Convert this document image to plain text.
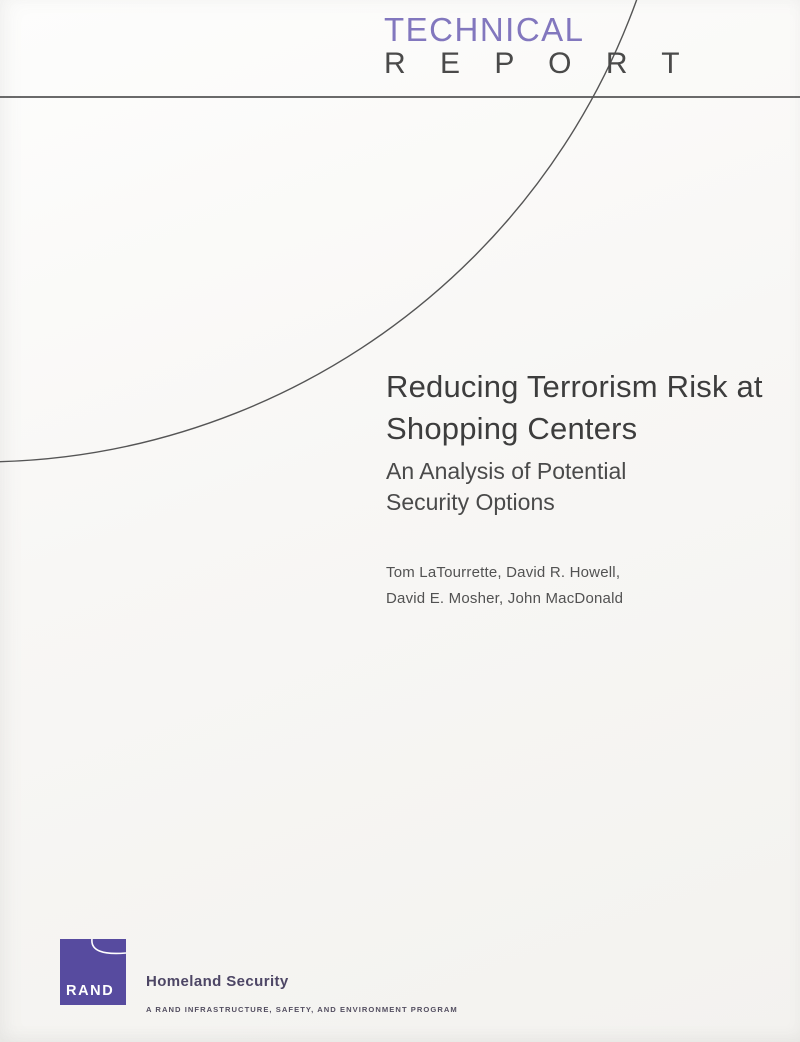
TECHNICAL
R E P O R T
Reducing Terrorism Risk at
Shopping Centers
An Analysis of Potential
Security Options
Tom LaTourrette, David R. Howell,
David E. Mosher, John MacDonald
RAND
Homeland Security
A RAND INFRASTRUCTURE, SAFETY, AND ENVIRONMENT PROGRAM
